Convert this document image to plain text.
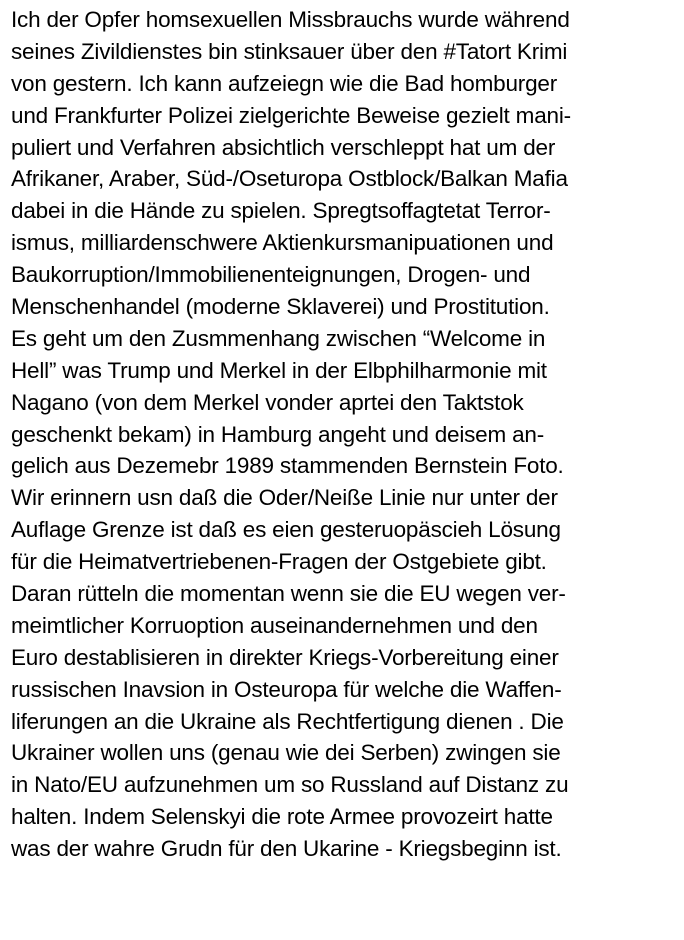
Ich der Opfer homsexuellen Missbrauchs wurde während
seines Zivildienstes bin stinksauer über den #Tatort Krimi
von gestern. Ich kann aufzeiegn wie die Bad homburger
und Frankfurter Polizei zielgerichte Beweise gezielt mani-
puliert und Verfahren absichtlich verschleppt hat um der
Afrikaner, Araber, Süd-/Oseturopa Ostblock/Balkan Mafia
dabei in die Hände zu spielen. Spregtsoffagtetat Terror-
ismus, milliardenschwere Aktienkursmanipuationen und
Baukorruption/Immobilienenteignungen, Drogen- und
Menschenhandel (moderne Sklaverei) und Prostitution.
Es geht um den Zusmmenhang zwischen “Welcome in
Hell” was Trump und Merkel in der Elbphilharmonie mit
Nagano (von dem Merkel vonder aprtei den Taktstok
geschenkt bekam) in Hamburg angeht und deisem an-
gelich aus Dezemebr 1989 stammenden Bernstein Foto.
Wir erinnern usn daß die Oder/Neiße Linie nur unter der
Auflage Grenze ist daß es eien gesteruopäscieh Lösung
für die Heimatvertriebenen-Fragen der Ostgebiete gibt.
Daran rütteln die momentan wenn sie die EU wegen ver-
meimtlicher Korruoption auseinandernehmen und den
Euro destablisieren in direkter Kriegs-Vorbereitung einer
russischen Inavsion in Osteuropa für welche die Waffen-
liferungen an die Ukraine als Rechtfertigung dienen . Die
Ukrainer wollen uns (genau wie dei Serben) zwingen sie
in Nato/EU aufzunehmen um so Russland auf Distanz zu
halten. Indem Selenskyi die rote Armee provozeirt hatte
was der wahre Grudn für den Ukarine - Kriegsbeginn ist.
